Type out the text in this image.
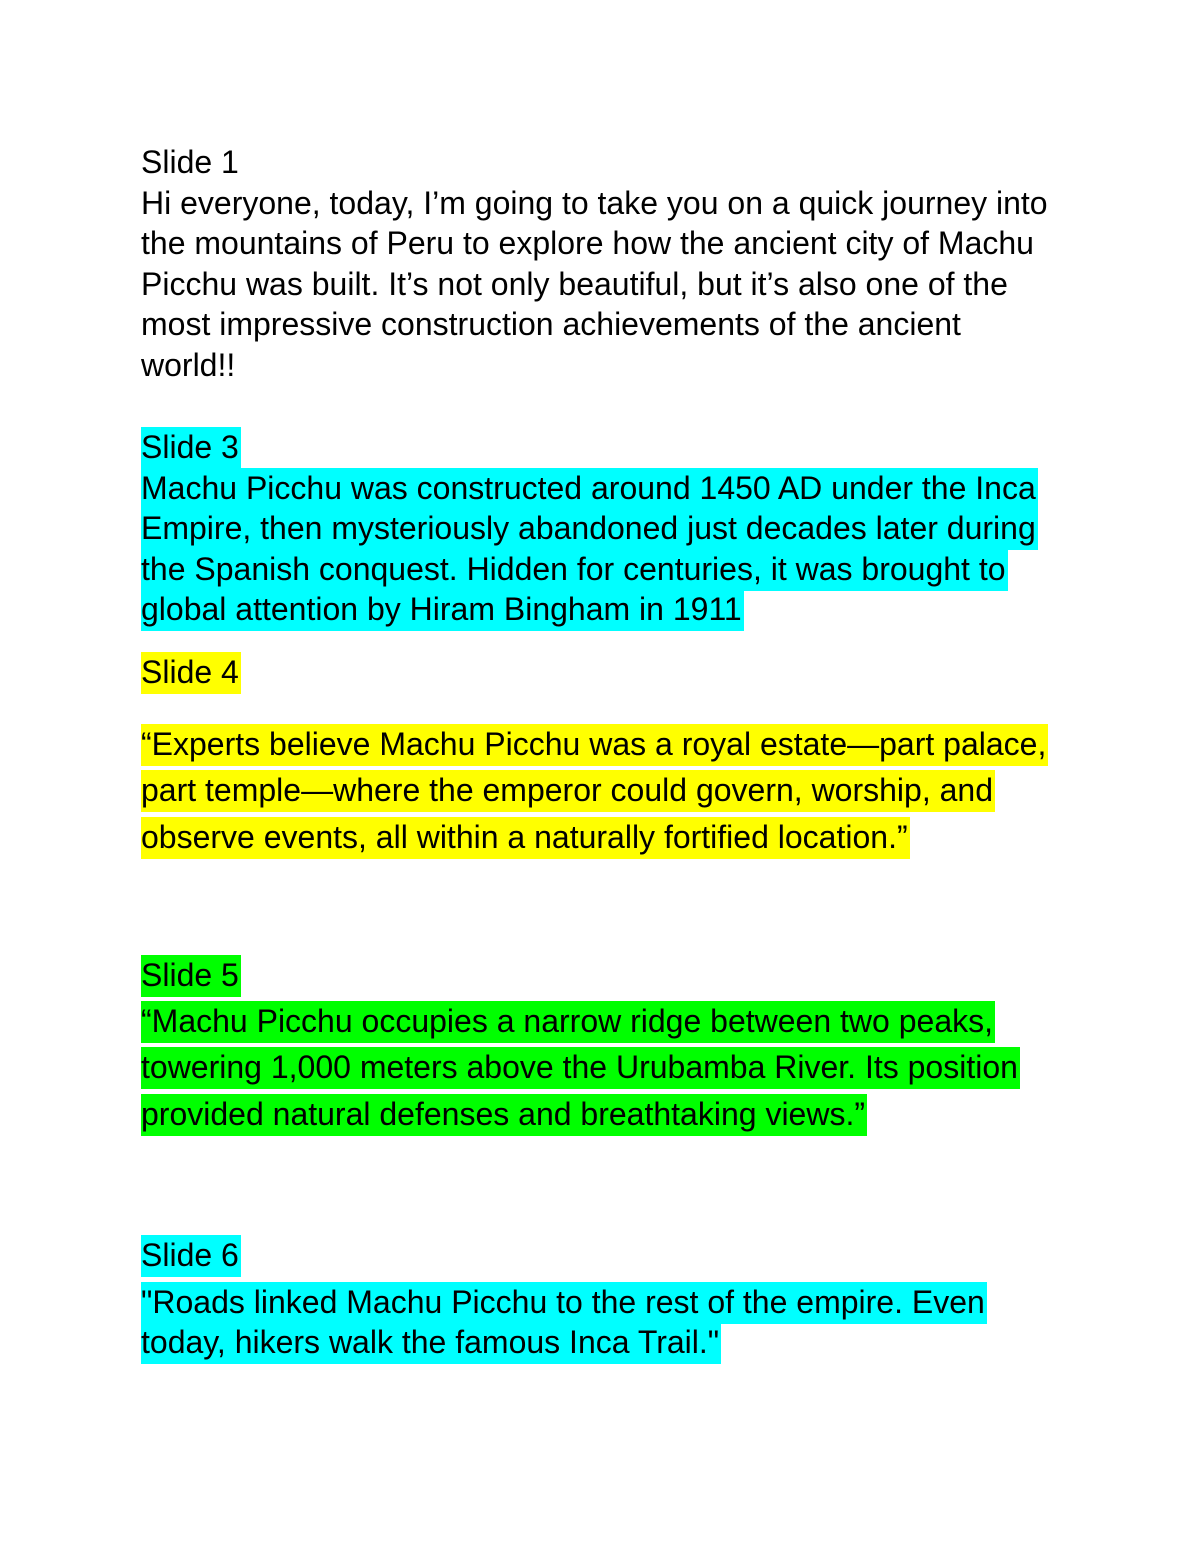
Slide 1
Hi everyone, today, I’m going to take you on a quick journey into the mountains of Peru to explore how the ancient city of Machu Picchu was built. It’s not only beautiful, but it’s also one of the most impressive construction achievements of the ancient world!!
Slide 3
Machu Picchu was constructed around 1450 AD under the Inca Empire, then mysteriously abandoned just decades later during the Spanish conquest. Hidden for centuries, it was brought to global attention by Hiram Bingham in 1911
Slide 4
“Experts believe Machu Picchu was a royal estate—part palace, part temple—where the emperor could govern, worship, and observe events, all within a naturally fortified location.”
Slide 5
“Machu Picchu occupies a narrow ridge between two peaks, towering 1,000 meters above the Urubamba River. Its position provided natural defenses and breathtaking views.”
Slide 6
"Roads linked Machu Picchu to the rest of the empire. Even today, hikers walk the famous Inca Trail."
